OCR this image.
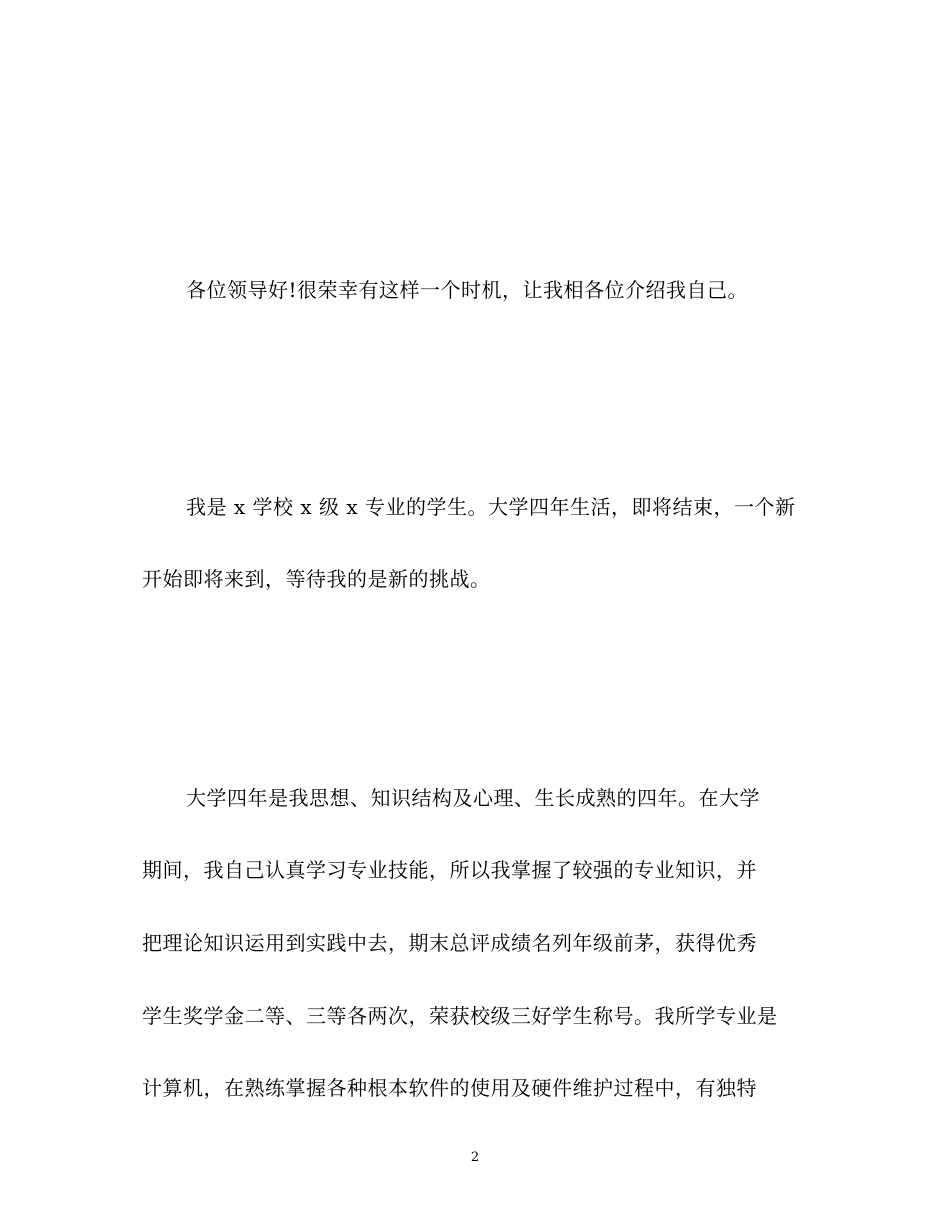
各位领导好!很荣幸有这样一个时机，让我相各位介绍我自己。
我是 x 学校 x 级 x 专业的学生。大学四年生活，即将结束，一个新
开始即将来到，等待我的是新的挑战。
大学四年是我思想、知识结构及心理、生长成熟的四年。在大学
期间，我自己认真学习专业技能，所以我掌握了较强的专业知识，并
把理论知识运用到实践中去，期末总评成绩名列年级前茅，获得优秀
学生奖学金二等、三等各两次，荣获校级三好学生称号。我所学专业是
计算机，在熟练掌握各种根本软件的使用及硬件维护过程中，有独特
2
